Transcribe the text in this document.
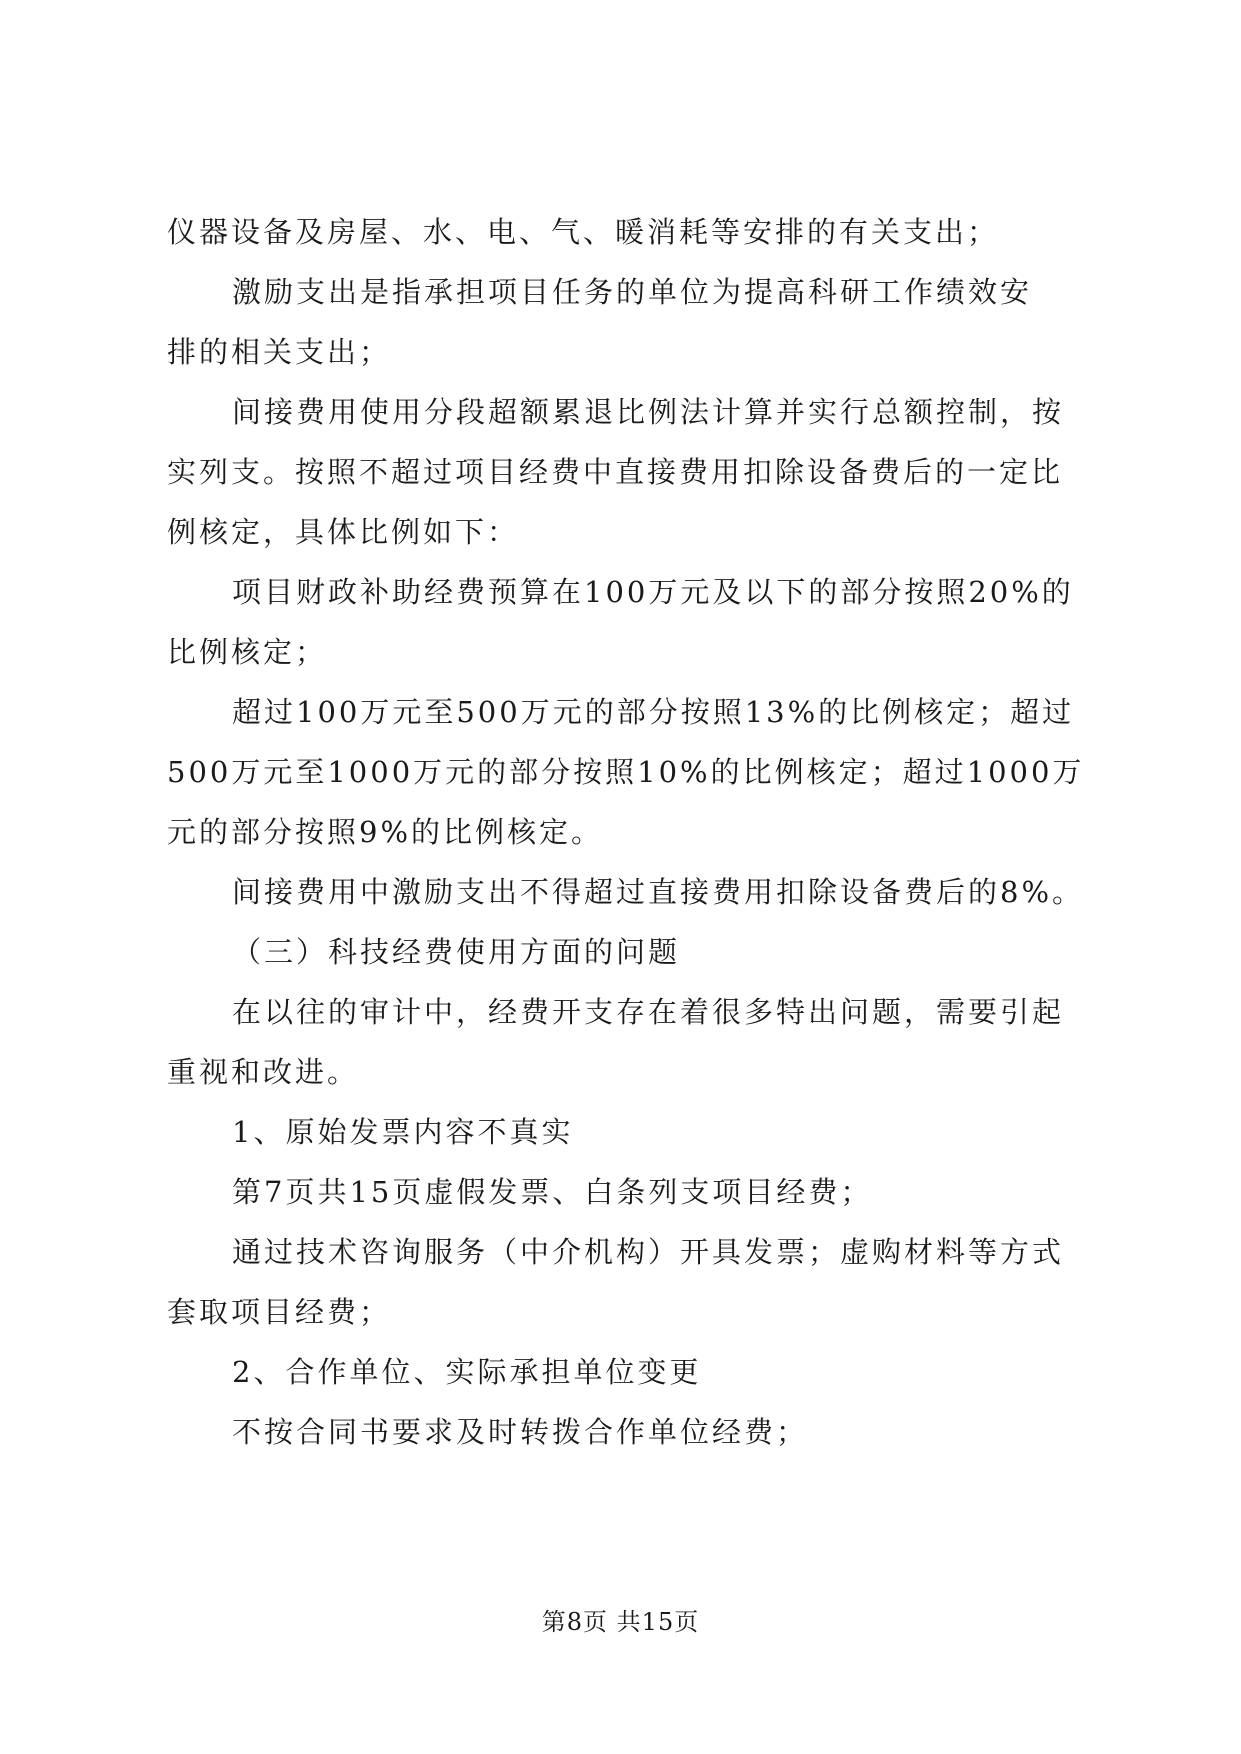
仪器设备及房屋、水、电、气、暖消耗等安排的有关支出；
激励支出是指承担项目任务的单位为提高科研工作绩效安
排的相关支出；
间接费用使用分段超额累退比例法计算并实行总额控制，按
实列支。按照不超过项目经费中直接费用扣除设备费后的一定比
例核定，具体比例如下：
项目财政补助经费预算在100万元及以下的部分按照20%的
比例核定；
超过100万元至500万元的部分按照13%的比例核定；超过
500万元至1000万元的部分按照10%的比例核定；超过1000万
元的部分按照9%的比例核定。
间接费用中激励支出不得超过直接费用扣除设备费后的8%。
（三）科技经费使用方面的问题
在以往的审计中，经费开支存在着很多特出问题，需要引起
重视和改进。
1、原始发票内容不真实
第7页共15页虚假发票、白条列支项目经费；
通过技术咨询服务（中介机构）开具发票；虚购材料等方式
套取项目经费；
2、合作单位、实际承担单位变更
不按合同书要求及时转拨合作单位经费；
第8页 共15页
